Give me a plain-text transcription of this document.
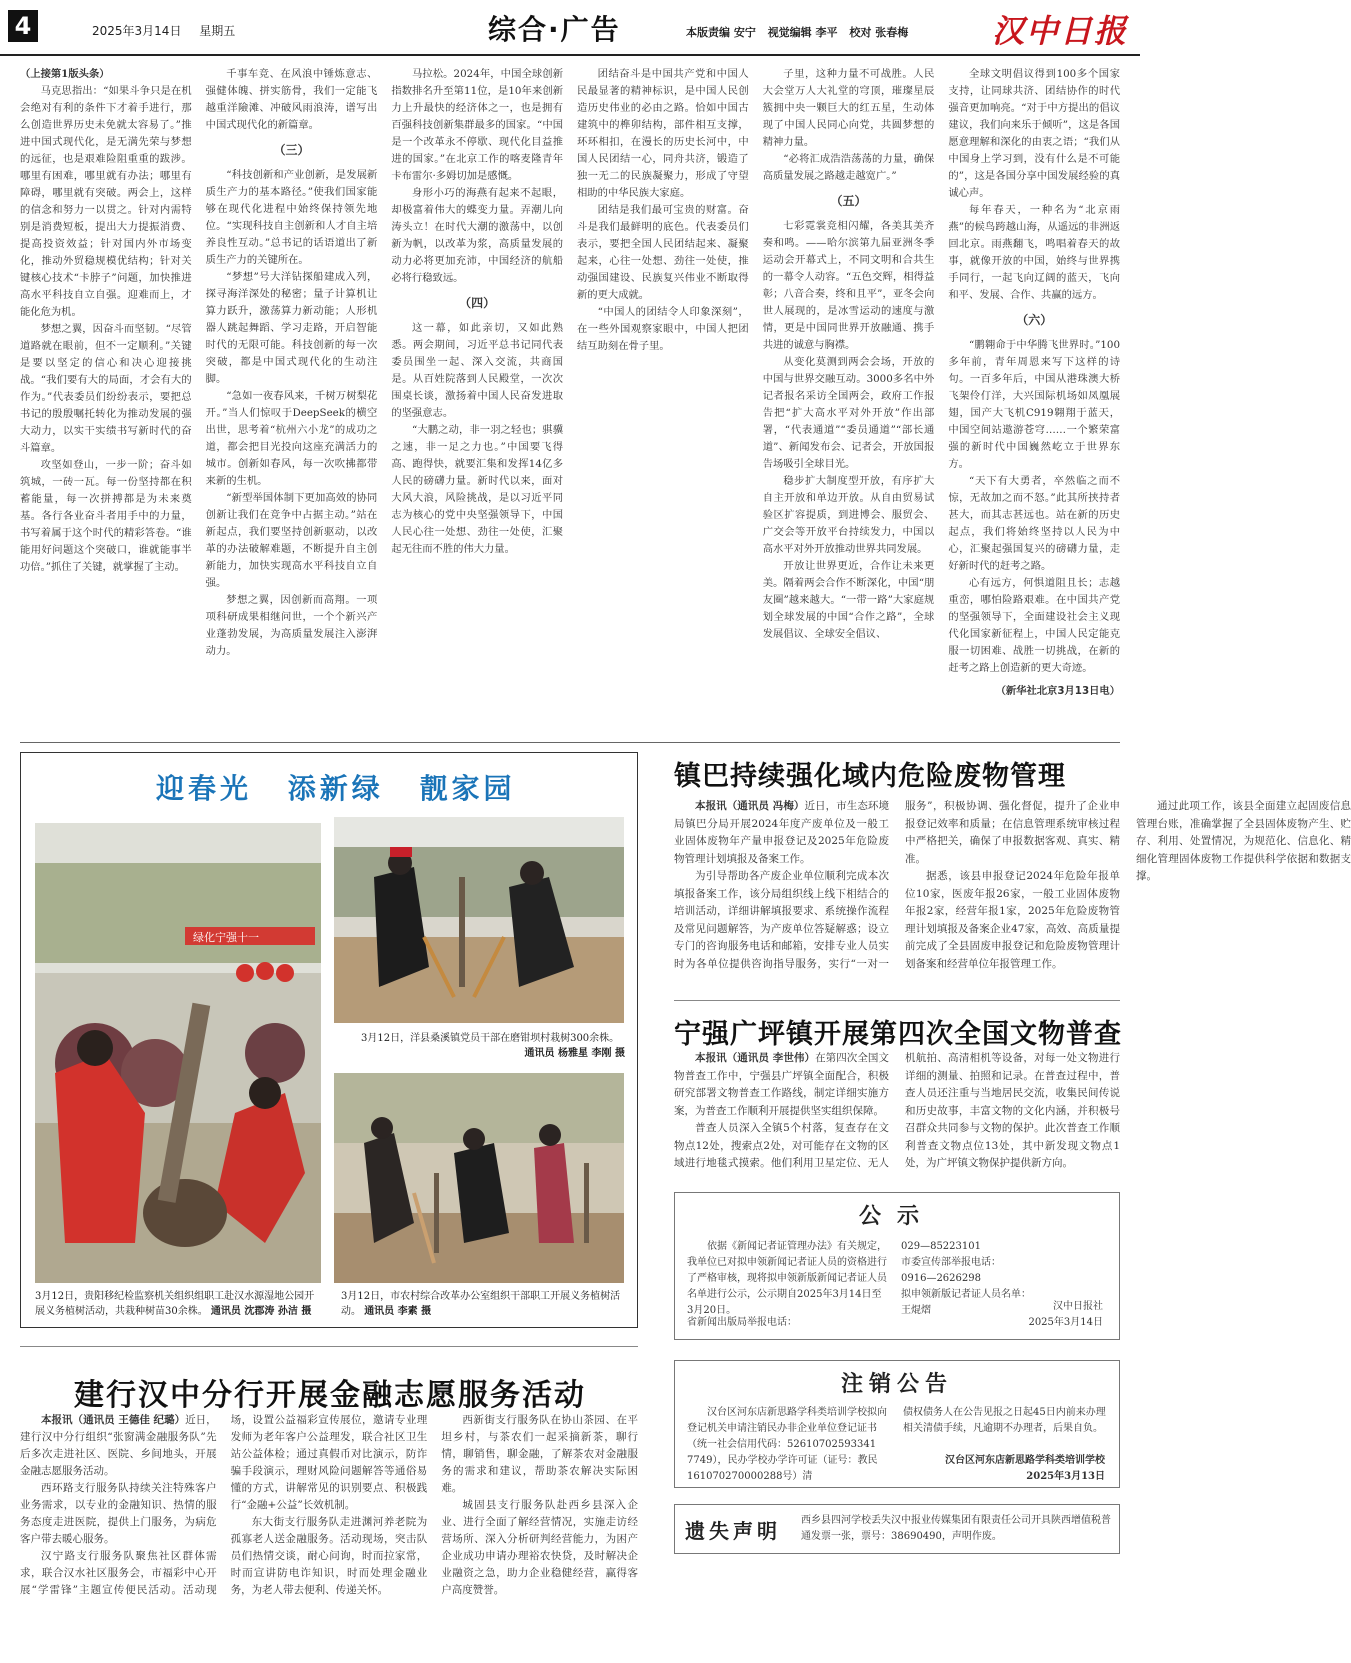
4	2025年3月14日 星期五	综合·广告	本版责编 安宁 视觉编辑 李平 校对 张春梅	汉中日报

（上接第1版头条）

马克思指出：“如果斗争只是在机会绝对有利的条件下才着手进行，那么创造世界历史未免就太容易了。”推进中国式现代化，是无满先荣与梦想的远征，也是艰难险阻重重的跋涉。哪里有困难，哪里就有办法；哪里有障碍，哪里就有突破。两会上，这样的信念和努力一以贯之。针对内需特别是消费短板，提出大力提振消费、提高投资效益；针对国内外市场变化，推动外贸稳规模优结构；针对关键核心技术“卡脖子”问题，加快推进高水平科技自立自强。迎难而上，才能化危为机。

梦想之翼，因奋斗而坚韧。“尽管道路就在眼前，但不一定顺利。”关键是要以坚定的信心和决心迎接挑战。“我们要有大的局面，才会有大的作为。”代表委员们纷纷表示，要把总书记的殷殷嘱托转化为推动发展的强大动力，以实干实绩书写新时代的奋斗篇章。

攻坚如登山，一步一阶；奋斗如筑城，一砖一瓦。每一份坚持都在积蓄能量，每一次拼搏都是为未来奠基。各行各业奋斗者用手中的力量，书写着属于这个时代的精彩答卷。“谁能用好问题这个突破口，谁就能事半功倍。”抓住了关键，就掌握了主动。

千事车竞、在风浪中锤炼意志、强健体魄、拼实筋骨，我们一定能飞越重洋險滩、冲破风雨浪涛，谱写出中国式现代化的新篇章。

（三）

“科技创新和产业创新，是发展新质生产力的基本路径。”使我们国家能够在现代化进程中始终保持领先地位。“实现科技自主创新和人才自主培养良性互动。”总书记的话语道出了新质生产力的关键所在。

“梦想”号大洋钻探船建成入列，探寻海洋深处的秘密；量子计算机让算力跃升，激荡算力新动能；人形机器人跳起舞蹈、学习走路，开启智能时代的无限可能。科技创新的每一次突破，都是中国式现代化的生动注脚。

“急如一夜春风来，千树万树梨花开。”当人们惊叹于DeepSeek的横空出世，思考着“杭州六小龙”的成功之道，都会把目光投向这座充满活力的城市。创新如春风，每一次吹拂都带来新的生机。

“新型举国体制下更加高效的协同创新让我们在竞争中占据主动。”站在新起点，我们要坚持创新驱动，以改革的办法破解难题，不断提升自主创新能力，加快实现高水平科技自立自强。

梦想之翼，因创新而高翔。一项项科研成果相继问世，一个个新兴产业蓬勃发展，为高质量发展注入澎湃动力。

马拉松。2024年，中国全球创新指数排名升至第11位，是10年来创新力上升最快的经济体之一，也是拥有百强科技创新集群最多的国家。“中国是一个改革永不停歇、现代化目益推进的国家。”在北京工作的喀麦隆青年卡布雷尔·多姆切加是感慨。

身形小巧的海燕有起来不起眼，却极富着伟大的蝶变力量。弄潮儿向涛头立！在时代大潮的激荡中，以创新为帆，以改革为浆，高质量发展的动力必将更加充沛，中国经济的航船必将行稳致远。

（四）

这一幕，如此亲切，又如此熟悉。两会期间，习近平总书记同代表委员围坐一起、深入交流，共商国是。从百姓院落到人民殿堂，一次次围桌长谈，激扬着中国人民奋发进取的坚强意志。

“大鹏之动，非一羽之轻也；骐骥之速，非一足之力也。”中国要飞得高、跑得快，就要汇集和发挥14亿多人民的磅礴力量。新时代以来，面对大风大浪，风险挑战，是以习近平同志为核心的党中央坚强领导下，中国人民心往一处想、劲往一处使，汇聚起无往而不胜的伟大力量。

团结奋斗是中国共产党和中国人民最显著的精神标识，是中国人民创造历史伟业的必由之路。恰如中国古建筑中的榫卯结构，部件相互支撑，环环相扣，在漫长的历史长河中，中国人民团结一心，同舟共济，锻造了独一无二的民族凝聚力，形成了守望相助的中华民族大家庭。

团结是我们最可宝贵的财富。奋斗是我们最鲜明的底色。代表委员们表示，要把全国人民团结起来、凝聚起来，心往一处想、劲往一处使，推动强国建设、民族复兴伟业不断取得新的更大成就。

“中国人的团结令人印象深刻”，在一些外国观察家眼中，中国人把团结互助刻在骨子里。

子里，这种力量不可战胜。人民大会堂万人大礼堂的穹顶，璀璨星辰簇拥中央一颗巨大的红五星，生动体现了中国人民同心向党，共圆梦想的精神力量。

“必将汇成浩浩荡荡的力量，确保高质量发展之路越走越宽广。”

（五）

七彩霓裳竞相闪耀，各美其美齐奏和鸣。——哈尔滨第九届亚洲冬季运动会开幕式上，不同文明和合共生的一幕令人动容。“五色交辉，相得益彰；八音合奏，终和且平”，亚冬会向世人展现的，是冰雪运动的速度与激情，更是中国同世界开放融通、携手共进的诚意与胸襟。

从变化莫测到两会会场，开放的中国与世界交融互动。3000多名中外记者报名采访全国两会，政府工作报告把“扩大高水平对外开放”作出部署，“代表通道”“委员通道”“部长通道”、新闻发布会、记者会，开放国报告场吸引全球目光。

稳步扩大制度型开放，有序扩大自主开放和单边开放。从自由贸易试验区扩容提质，到进博会、服贸会、广交会等开放平台持续发力，中国以高水平对外开放推动世界共同发展。

开放让世界更近，合作让未来更美。隔着两会合作不断深化，中国“朋友圈”越来越大。“一带一路”大家庭规划全球发展的中国“合作之路”，全球发展倡议、全球安全倡议、

全球文明倡议得到100多个国家支持，让同球共济、团结协作的时代强音更加响亮。“对于中方提出的倡议建议，我们向来乐于倾听”，这是各国愿意理解和深化的由衷之语；“我们从中国身上学习到，没有什么是不可能的”，这是各国分享中国发展经验的真诚心声。

每年春天，一种名为“北京雨燕”的候鸟跨越山海，从遥远的非洲返回北京。雨燕翻飞，鸣唱着春天的故事，就像开放的中国，始终与世界携手同行，一起飞向辽阔的蓝天，飞向和平、发展、合作、共赢的远方。

（六）

“鹏翱命于中华腾飞世界时。”100多年前，青年周恩来写下这样的诗句。一百多年后，中国从港珠澳大桥飞架伶仃洋，大兴国际机场如凤凰展翅，国产大飞机C919翱翔于蓝天，中国空间站遨游苍穹……一个繁荣富强的新时代中国巍然屹立于世界东方。

“天下有大勇者，卒然临之而不惊，无故加之而不怒。”此其所挟持者甚大，而其志甚远也。站在新的历史起点，我们将始终坚持以人民为中心，汇聚起强国复兴的磅礴力量，走好新时代的赶考之路。

心有远方，何惧道阻且长；志越重峦，哪怕险路艰难。在中国共产党的坚强领导下，全面建设社会主义现代化国家新征程上，中国人民定能克服一切困难、战胜一切挑战，在新的赶考之路上创造新的更大奇迹。

（新华社北京3月13日电）
迎春光 添新绿 靓家园
绿化宁强十一
3月12日，贵阳移纪检监察机关组织组职工赴汉水源湿地公园开展义务植树活动，共栽种树苗30余株。 通讯员 沈郡涛 孙洁 摄
3月12日，洋县桑溪镇党员干部在磨钳坝村栽树300余株。
通讯员 杨雅星 李刚 摄
3月12日，市农村综合改革办公室组织干部职工开展义务植树活动。 通讯员 李素 摄
镇巴持续强化域内危险废物管理

本报讯（通讯员 冯梅）近日，市生态环境局镇巴分局开展2024年度产废单位及一般工业固体废物年产量申报登记及2025年危险废物管理计划填报及备案工作。

为引导帮助各产废企业单位顺利完成本次填报备案工作，该分局组织线上线下相结合的培训活动，详细讲解填报要求、系统操作流程及常见问题解答，为产废单位答疑解惑；设立专门的咨询服务电话和邮箱，安排专业人员实时为各单位提供咨询指导服务，实行“一对一服务”，积极协调、强化督促，提升了企业申报登记效率和质量；在信息管理系统审核过程中严格把关，确保了申报数据客观、真实、精准。

据悉，该县申报登记2024年危险年报单位10家，医废年报26家，一般工业固体废物年报2家，经营年报1家，2025年危险废物管理计划填报及备案企业47家，高效、高质量提前完成了全县固废申报登记和危险废物管理计划备案和经营单位年报管理工作。

通过此项工作，该县全面建立起固废信息管理台账，准确掌握了全县固体废物产生、贮存、利用、处置情况，为规范化、信息化、精细化管理固体废物工作提供科学依据和数据支撑。

宁强广坪镇开展第四次全国文物普查

本报讯（通讯员 李世伟）在第四次全国文物普查工作中，宁强县广坪镇全面配合，积极研究部署文物普查工作路线，制定详细实施方案，为普查工作顺利开展提供坚实组织保障。

普查人员深入全镇5个村落，复查存在文物点12处，搜索点2处，对可能存在文物的区域进行地毯式摸索。他们利用卫星定位、无人机航拍、高清相机等设备，对每一处文物进行详细的测量、拍照和记录。在普查过程中，普查人员还注重与当地居民交流，收集民间传说和历史故事，丰富文物的文化内涵，并积极号召群众共同参与文物的保护。此次普查工作顺利普查文物点位13处，其中新发现文物点1处，为广坪镇文物保护提供新方向。

公示
依据《新闻记者证管理办法》有关规定，我单位已对拟申领新闻记者证人员的资格进行了严格审核，现将拟申领新版新闻记者证人员名单进行公示，公示期自2025年3月14日至3月20日。
省新闻出版局举报电话：
029—85223101
市委宣传部举报电话：
0916—2626298
拟申领新版记者证人员名单：
王焜熠	汉中日报社
2025年3月14日
注销公告
汉台区河东店新思路学科类培训学校拟向登记机关申请注销民办非企业单位登记证书（统一社会信用代码：52610702593341 7749），民办学校办学许可证（证号：教民161070270000288号）清
债权债务人在公告见报之日起45日内前来办理相关清债手续，凡逾期不办理者，后果自负。
汉台区河东店新思路学科类培训学校
2025年3月13日
遗失声明 西乡县四河学校丢失汉中报业传媒集团有限责任公司开具陕西增值税普通发票一张，票号：38690490，声明作废。
建行汉中分行开展金融志愿服务活动

本报讯（通讯员 王德佳 纪璐）近日，建行汉中分行组织“张窗满金融服务队”先后多次走进社区、医院、乡间地头，开展金融志愿服务活动。

西环路支行服务队持续关注特殊客户业务需求，以专业的金融知识、热情的服务态度走进医院，提供上门服务，为病危客户带去暖心服务。

汉宁路支行服务队聚焦社区群体需求，联合汉水社区服务会，市福彩中心开展“学雷锋”主题宣传便民活动。活动现场，设置公益福彩宣传展位，邀请专业理发师为老年客户公益理发，联合社区卫生站公益体检；通过真假币对比演示，防诈骗手段演示，理财风险问题解答等通俗易懂的方式，讲解常见的识别要点、积极践行“金融+公益”长效机制。

东大街支行服务队走进渊河养老院为孤寡老人送金融服务。活动现场，突击队员们热情交谈，耐心问询，时而拉家常，时而宣讲防电诈知识，时而处理金融业务，为老人带去便利、传递关怀。

西新街支行服务队在协山茶园、在平坦乡村，与茶农们一起采摘新茶，聊行情，聊销售，聊金融，了解茶农对金融服务的需求和建议，帮助茶农解决实际困难。

城固县支行服务队赴西乡县深入企业、进行全面了解经营情况，实施走访经营场所、深入分析研判经营能力，为困产企业成功申请办理裕农快贷，及时解决企业融资之急，助力企业稳健经营，赢得客户高度赞誉。
